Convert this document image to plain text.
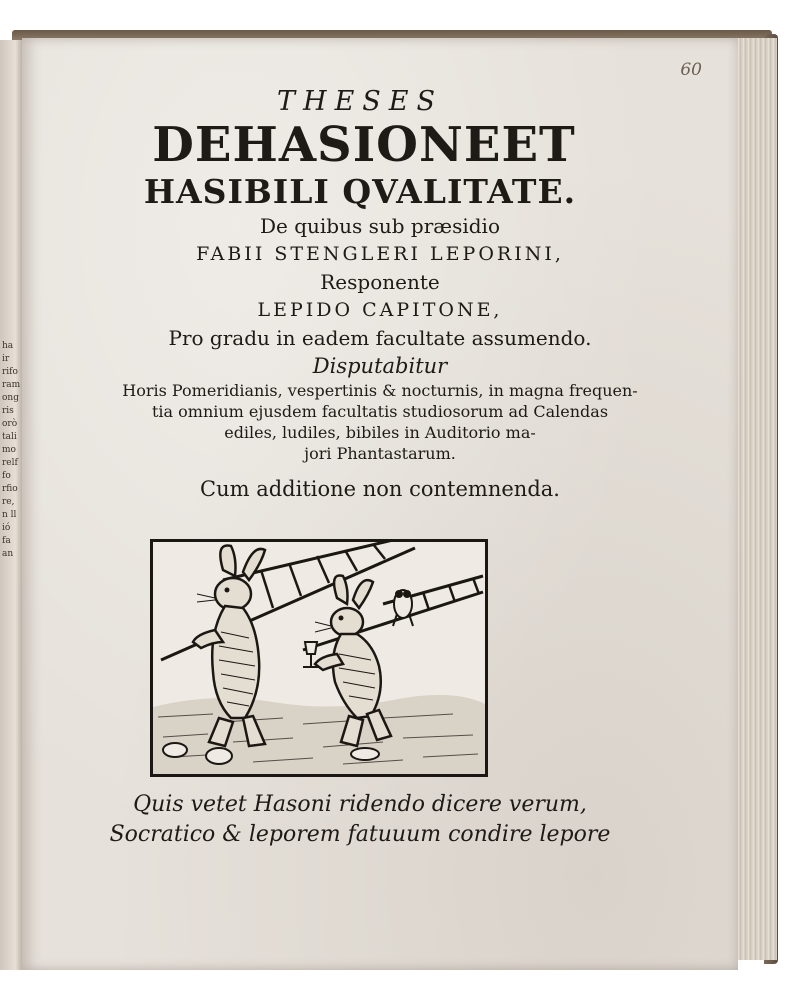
ha
ir
rifo
ram
ong
ris
orò
tali
mo
relf
fo
rfio
re,
n ll
ió
fa
an
60
THESES
DEHASIONEET
HASIBILI QVALITATE.
De quibus sub præsidio
FABII STENGLERI LEPORINI,
Responente
LEPIDO CAPITONE,
Pro gradu in eadem facultate assumendo.
Disputabitur
Horis Pomeridianis, vespertinis & nocturnis, in magna frequen-
tia omnium ejusdem facultatis studiosorum ad Calendas
ediles, ludiles, bibiles in Auditorio ma-
jori Phantastarum.
Cum additione non contemnenda.
Quis vetet Hasoni ridendo dicere verum,
Socratico & leporem fatuuum condire lepore
